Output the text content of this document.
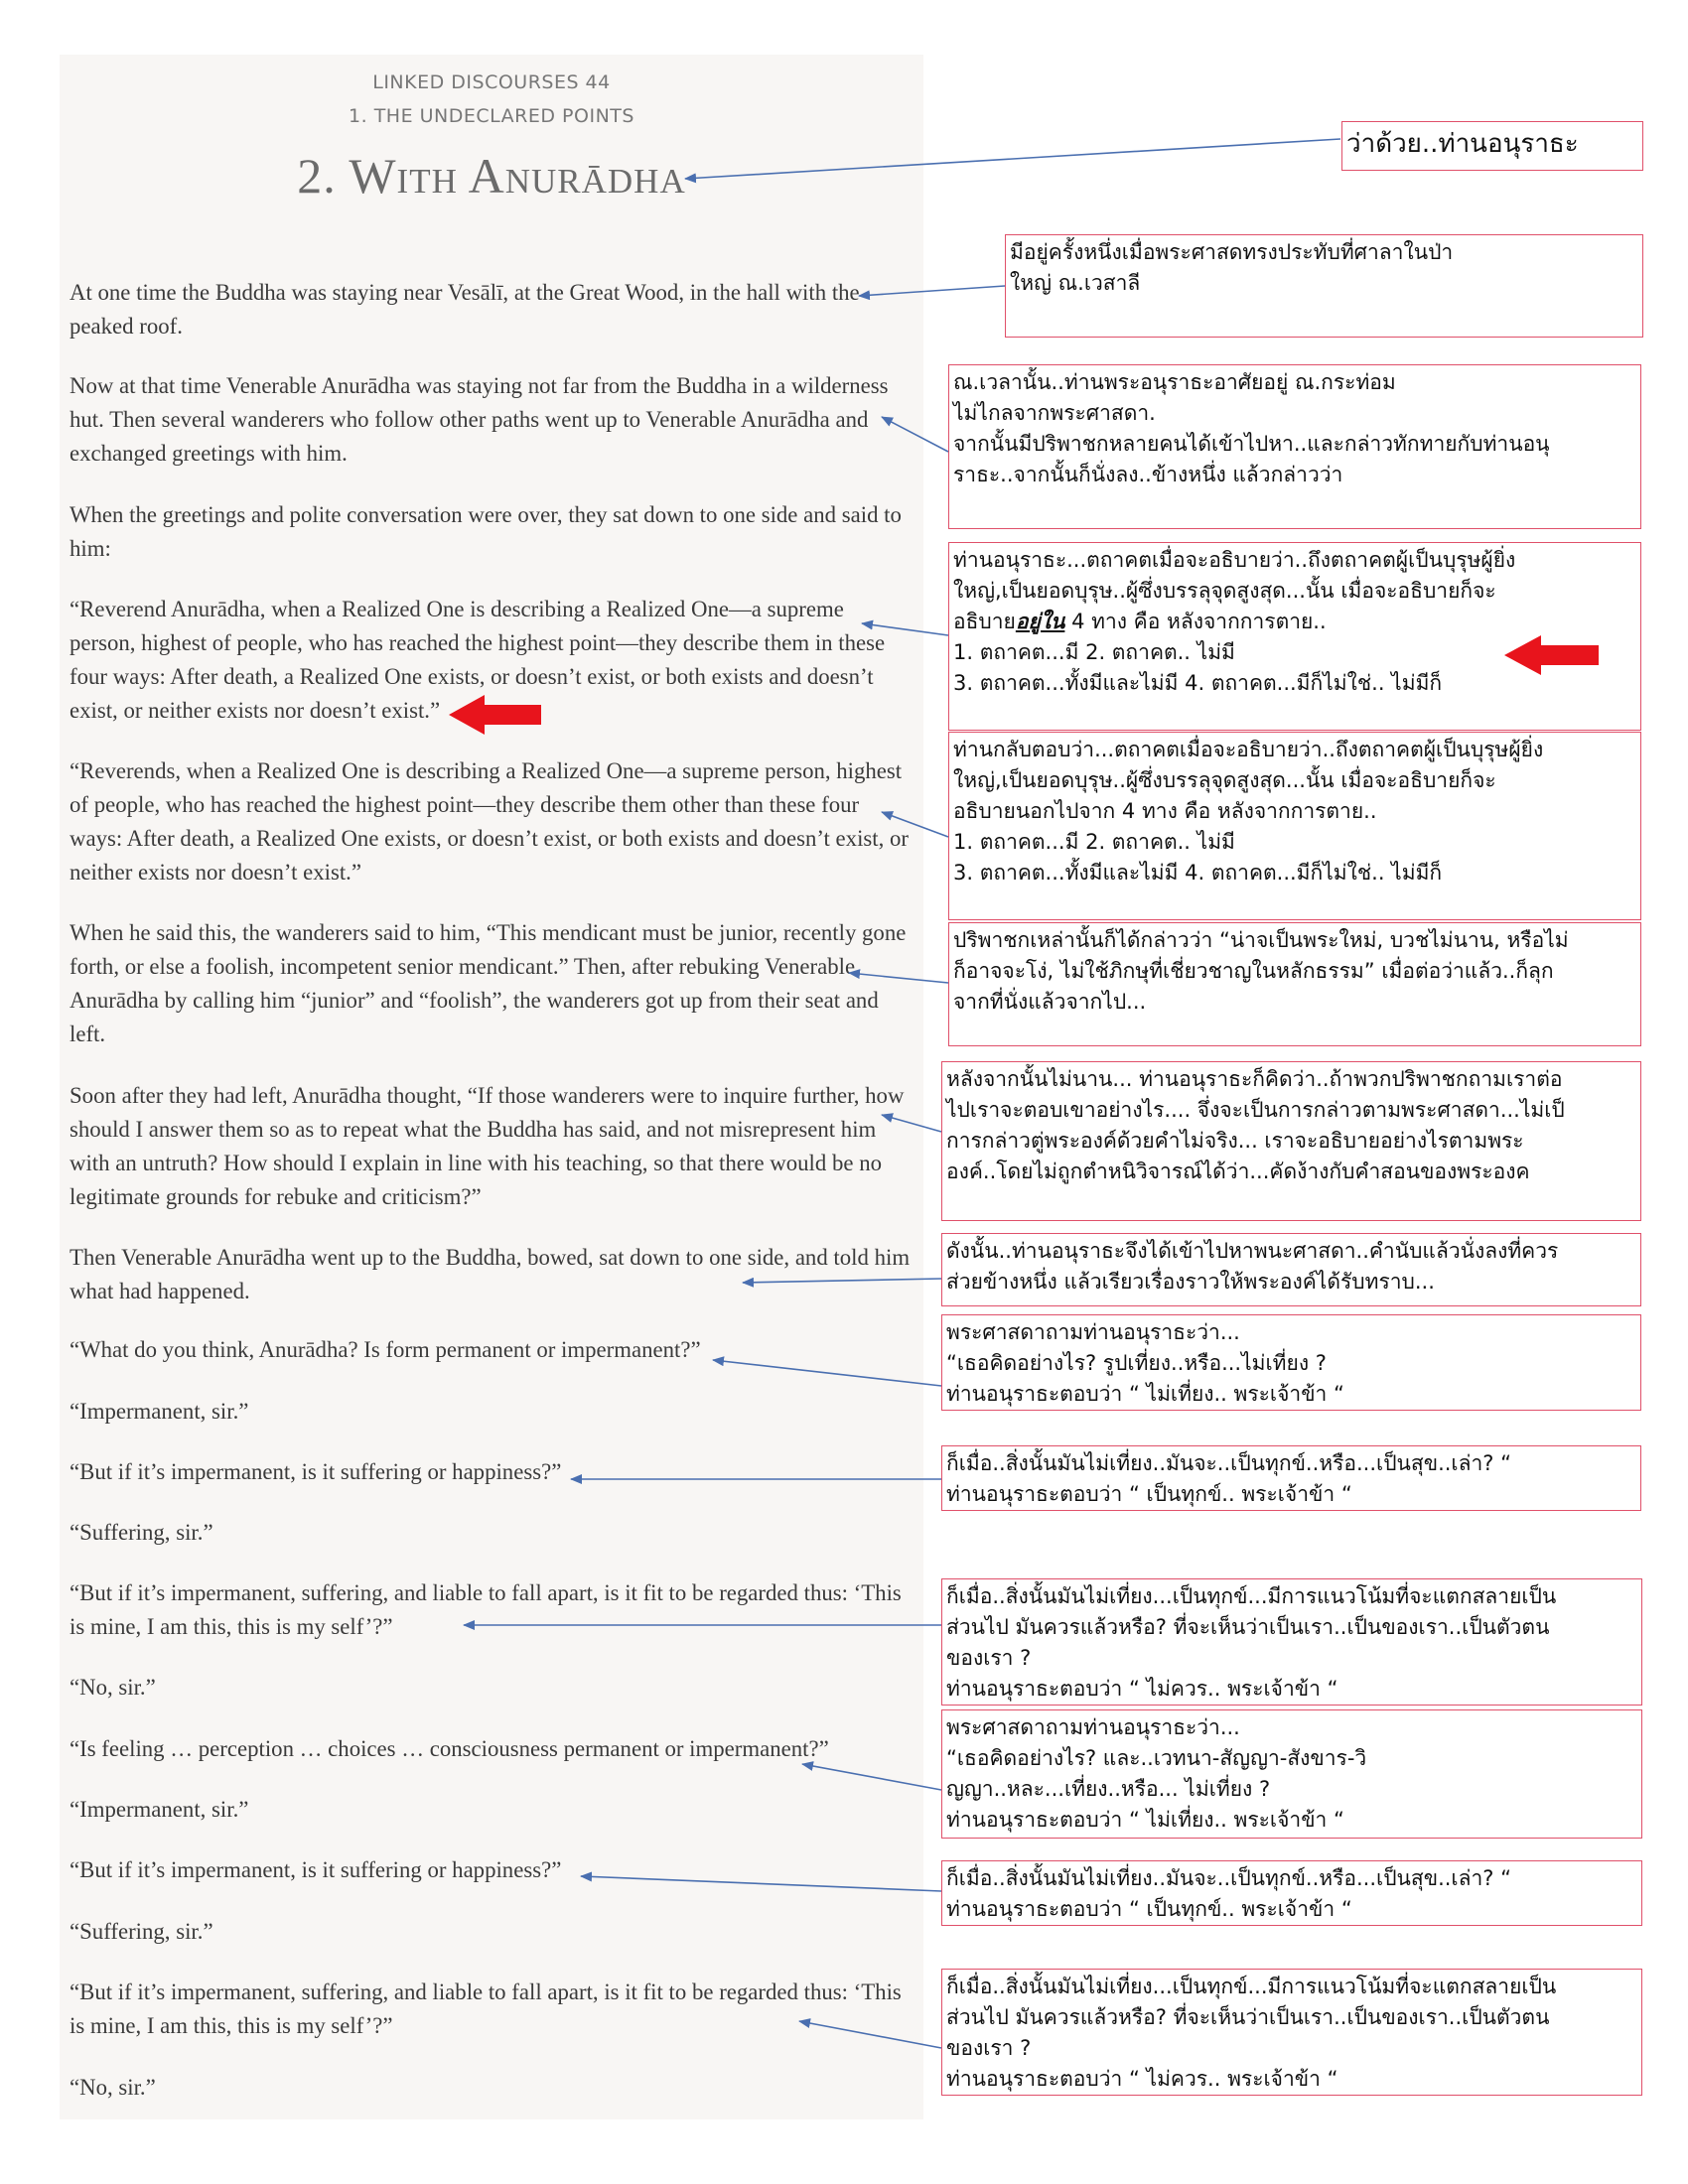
LINKED DISCOURSES 44
1. THE UNDECLARED POINTS
2. With Anurādha
At one time the Buddha was staying near Vesālī, at the Great Wood, in the hall with the peaked roof.
Now at that time Venerable Anurādha was staying not far from the Buddha in a wilderness hut. Then several wanderers who follow other paths went up to Venerable Anurādha and exchanged greetings with him.
When the greetings and polite conversation were over, they sat down to one side and said to him:
“Reverend Anurādha, when a Realized One is describing a Realized One—a supreme person, highest of people, who has reached the highest point—they describe them in these four ways: After death, a Realized One exists, or doesn’t exist, or both exists and doesn’t exist, or neither exists nor doesn’t exist.”
“Reverends, when a Realized One is describing a Realized One—a supreme person, highest of people, who has reached the highest point—they describe them other than these four ways: After death, a Realized One exists, or doesn’t exist, or both exists and doesn’t exist, or neither exists nor doesn’t exist.”
When he said this, the wanderers said to him, “This mendicant must be junior, recently gone forth, or else a foolish, incompetent senior mendicant.” Then, after rebuking Venerable Anurādha by calling him “junior” and “foolish”, the wanderers got up from their seat and left.
Soon after they had left, Anurādha thought, “If those wanderers were to inquire further, how should I answer them so as to repeat what the Buddha has said, and not misrepresent him with an untruth? How should I explain in line with his teaching, so that there would be no legitimate grounds for rebuke and criticism?”
Then Venerable Anurādha went up to the Buddha, bowed, sat down to one side, and told him what had happened.
“What do you think, Anurādha? Is form permanent or impermanent?”
“Impermanent, sir.”
“But if it’s impermanent, is it suffering or happiness?”
“Suffering, sir.”
“But if it’s impermanent, suffering, and liable to fall apart, is it fit to be regarded thus: ‘This is mine, I am this, this is my self’?”
“No, sir.”
“Is feeling … perception … choices … consciousness permanent or impermanent?”
“Impermanent, sir.”
“But if it’s impermanent, is it suffering or happiness?”
“Suffering, sir.”
“But if it’s impermanent, suffering, and liable to fall apart, is it fit to be regarded thus: ‘This is mine, I am this, this is my self’?”
“No, sir.”
ว่าด้วย..ท่านอนุราธะ
มีอยู่ครั้งหนึ่งเมื่อพระศาสดทรงประทับที่ศาลาในป่า
ใหญ่ ณ.เวสาลี
ณ.เวลานั้น..ท่านพระอนุราธะอาศัยอยู่ ณ.กระท่อม
ไม่ไกลจากพระศาสดา.
จากนั้นมีปริพาชกหลายคนได้เข้าไปหา..และกล่าวทักทายกับท่านอนุ
ราธะ..จากนั้นก็นั่งลง..ข้างหนึ่ง แล้วกล่าวว่า
ท่านอนุราธะ...ตถาคตเมื่อจะอธิบายว่า..ถึงตถาคตผู้เป็นบุรุษผู้ยิ่ง
ใหญ่,เป็นยอดบุรุษ..ผู้ซึ่งบรรลุจุดสูงสุด...นั้น เมื่อจะอธิบายก็จะ
อธิบายอยู่ใน 4 ทาง คือ หลังจากการตาย..
1. ตถาคต...มี 2. ตถาคต.. ไม่มี
3. ตถาคต...ทั้งมีและไม่มี 4. ตถาคต...มีก็ไม่ใช่.. ไม่มีก็
ท่านกลับตอบว่า...ตถาคตเมื่อจะอธิบายว่า..ถึงตถาคตผู้เป็นบุรุษผู้ยิ่ง
ใหญ่,เป็นยอดบุรุษ..ผู้ซึ่งบรรลุจุดสูงสุด...นั้น เมื่อจะอธิบายก็จะ
อธิบายนอกไปจาก 4 ทาง คือ หลังจากการตาย..
1. ตถาคต...มี 2. ตถาคต.. ไม่มี
3. ตถาคต...ทั้งมีและไม่มี 4. ตถาคต...มีก็ไม่ใช่.. ไม่มีก็
ปริพาชกเหล่านั้นก็ได้กล่าวว่า “น่าจเป็นพระใหม่, บวชไม่นาน, หรือไม่
ก็อาจจะโง่, ไม่ใช้ภิกษุที่เชี่ยวชาญในหลักธรรม” เมื่อต่อว่าแล้ว..ก็ลุก
จากที่นั่งแล้วจากไป...
หลังจากนั้นไม่นาน... ท่านอนุราธะก็คิดว่า..ถ้าพวกปริพาชกถามเราต่อ
ไปเราจะตอบเขาอย่างไร.... จึ่งจะเป็นการกล่าวตามพระศาสดา...ไม่เป็
การกล่าวตู่พระองค์ด้วยคำไม่จริง... เราจะอธิบายอย่างไรตามพระ
องค์..โดยไม่ถูกตำหนิวิจารณ์ได้ว่า...คัดง้างกับคำสอนของพระองค
ดังนั้น..ท่านอนุราธะจึงได้เข้าไปหาพนะศาสดา..คำนับแล้วนั่งลงที่ควร
ส่วยข้างหนึ่ง แล้วเรียวเรื่องราวให้พระองค์ได้รับทราบ...
พระศาสดาถามท่านอนุราธะว่า...
“เธอคิดอย่างไร? รูปเที่ยง..หรือ...ไม่เที่ยง ?
ท่านอนุราธะตอบว่า “ ไม่เที่ยง.. พระเจ้าข้า “
ก็เมื่อ..สิ่งนั้นมันไม่เที่ยง..มันจะ..เป็นทุกข์..หรือ...เป็นสุข..เล่า? “
ท่านอนุราธะตอบว่า “ เป็นทุกข์.. พระเจ้าข้า “
ก็เมื่อ..สิ่งนั้นมันไม่เที่ยง...เป็นทุกข์...มีการแนวโน้มที่จะแตกสลายเป็น
ส่วนไป มันควรแล้วหรือ? ที่จะเห็นว่าเป็นเรา..เป็นของเรา..เป็นตัวตน
ของเรา ?
ท่านอนุราธะตอบว่า “ ไม่ควร.. พระเจ้าข้า “
พระศาสดาถามท่านอนุราธะว่า...
“เธอคิดอย่างไร? และ..เวทนา-สัญญา-สังขาร-วิ
ญญา..หละ...เที่ยง..หรือ... ไม่เที่ยง ?
ท่านอนุราธะตอบว่า “ ไม่เที่ยง.. พระเจ้าข้า “
ก็เมื่อ..สิ่งนั้นมันไม่เที่ยง..มันจะ..เป็นทุกข์..หรือ...เป็นสุข..เล่า? “
ท่านอนุราธะตอบว่า “ เป็นทุกข์.. พระเจ้าข้า “
ก็เมื่อ..สิ่งนั้นมันไม่เที่ยง...เป็นทุกข์...มีการแนวโน้มที่จะแตกสลายเป็น
ส่วนไป มันควรแล้วหรือ? ที่จะเห็นว่าเป็นเรา..เป็นของเรา..เป็นตัวตน
ของเรา ?
ท่านอนุราธะตอบว่า “ ไม่ควร.. พระเจ้าข้า “
